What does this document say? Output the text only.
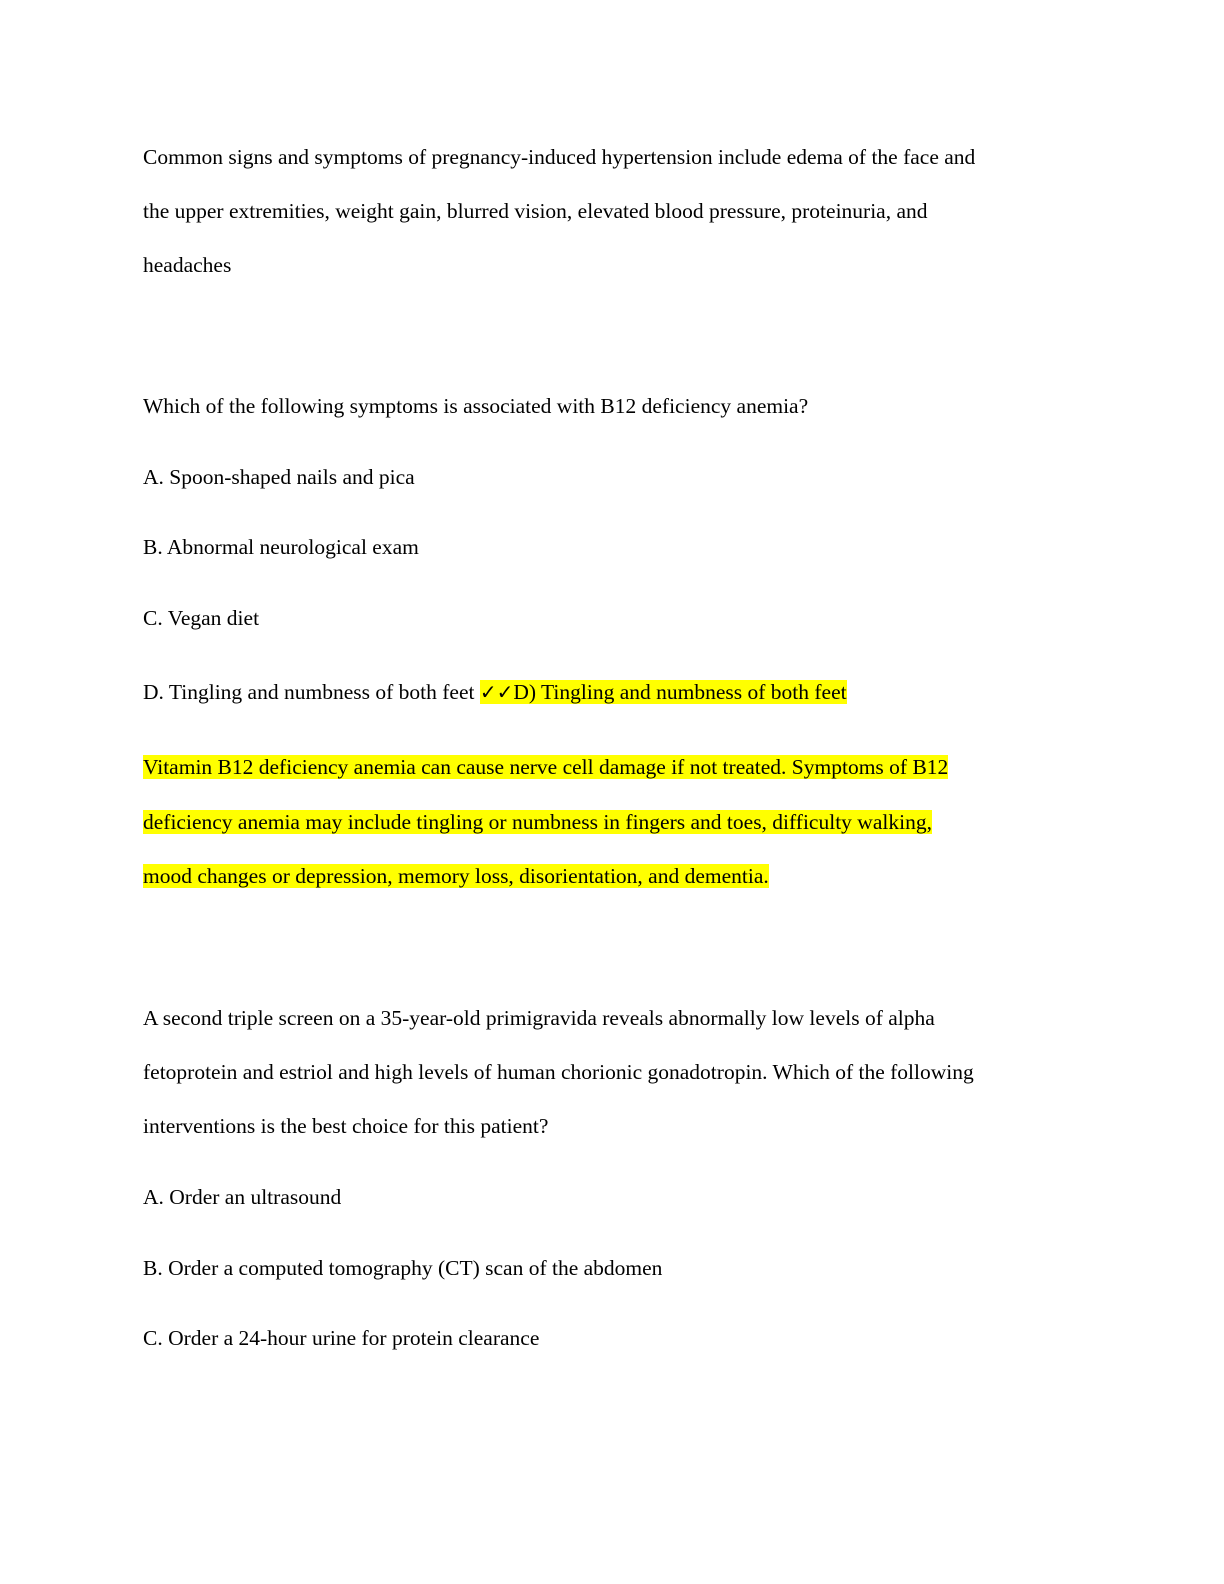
Common signs and symptoms of pregnancy-induced hypertension include edema of the face and
the upper extremities, weight gain, blurred vision, elevated blood pressure, proteinuria, and
headaches
Which of the following symptoms is associated with B12 deficiency anemia?
A. Spoon-shaped nails and pica
B. Abnormal neurological exam
C. Vegan diet
D. Tingling and numbness of both feet ✓✓D) Tingling and numbness of both feet
Vitamin B12 deficiency anemia can cause nerve cell damage if not treated. Symptoms of B12
deficiency anemia may include tingling or numbness in fingers and toes, difficulty walking,
mood changes or depression, memory loss, disorientation, and dementia.
A second triple screen on a 35-year-old primigravida reveals abnormally low levels of alpha
fetoprotein and estriol and high levels of human chorionic gonadotropin. Which of the following
interventions is the best choice for this patient?
A. Order an ultrasound
B. Order a computed tomography (CT) scan of the abdomen
C. Order a 24-hour urine for protein clearance
